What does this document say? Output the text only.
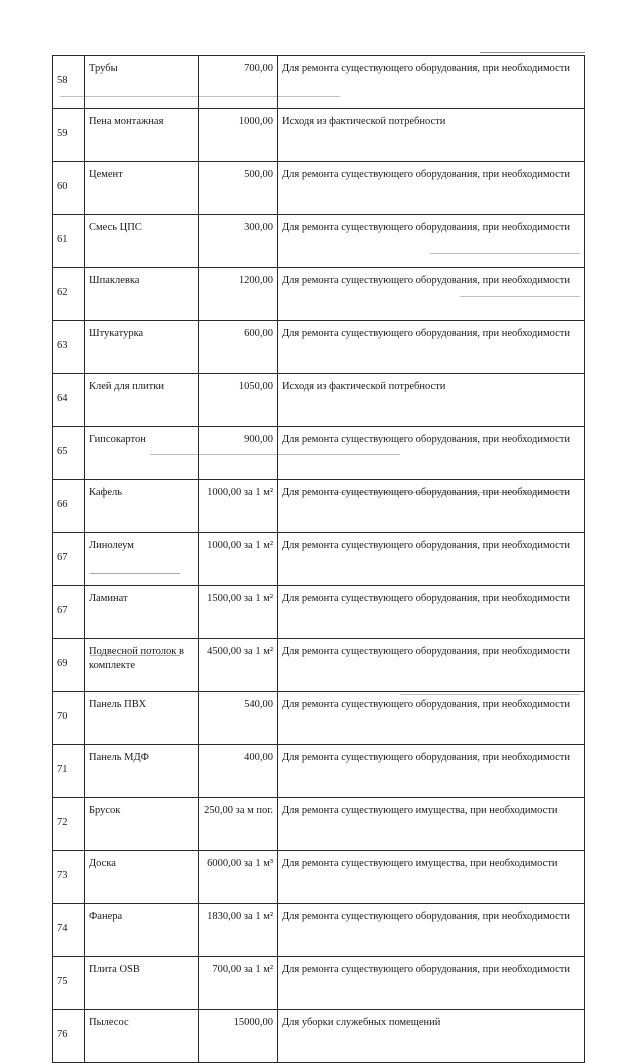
58	Трубы	700,00	Для ремонта существующего оборудования, при необходимости
59	Пена монтажная	1000,00	Исходя из фактической потребности
60	Цемент	500,00	Для ремонта существующего оборудования, при необходимости
61	Смесь ЦПС	300,00	Для ремонта существующего оборудования, при необходимости
62	Шпаклевка	1200,00	Для ремонта существующего оборудования, при необходимости
63	Штукатурка	600,00	Для ремонта существующего оборудования, при необходимости
64	Клей для плитки	1050,00	Исходя из фактической потребности
65	Гипсокартон	900,00	Для ремонта существующего оборудования, при необходимости
66	Кафель	1000,00 за 1 м²	Для ремонта существующего оборудования, при необходимости
67	Линолеум	1000,00 за 1 м²	Для ремонта существующего оборудования, при необходимости
67	Ламинат	1500,00 за 1 м²	Для ремонта существующего оборудования, при необходимости
69	Подвесной потолок в комплекте	4500,00 за 1 м²	Для ремонта существующего оборудования, при необходимости
70	Панель ПВХ	540,00	Для ремонта существующего оборудования, при необходимости
71	Панель МДФ	400,00	Для ремонта существующего оборудования, при необходимости
72	Брусок	250,00 за м пог.	Для ремонта существующего имущества, при необходимости
73	Доска	6000,00 за 1 м³	Для ремонта существующего имущества, при необходимости
74	Фанера	1830,00 за 1 м²	Для ремонта существующего оборудования, при необходимости
75	Плита OSB	700,00 за 1 м²	Для ремонта существующего оборудования, при необходимости
76	Пылесос	15000,00	Для уборки служебных помещений
